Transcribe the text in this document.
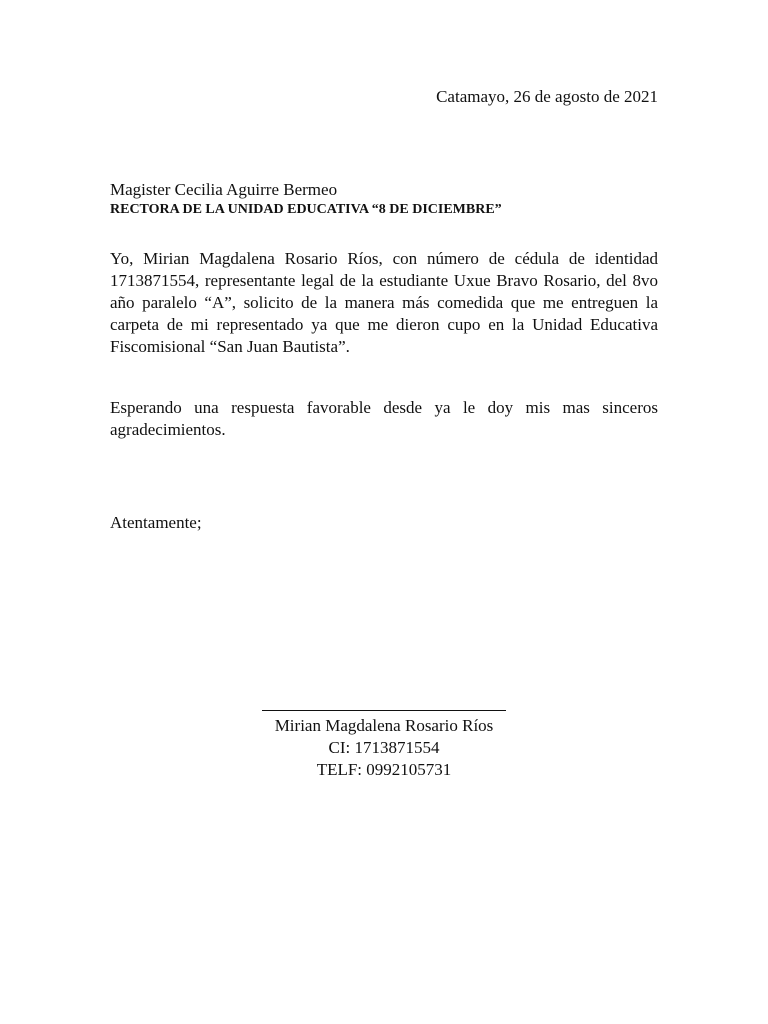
Catamayo, 26 de agosto de 2021
Magister Cecilia Aguirre Bermeo
RECTORA DE LA UNIDAD EDUCATIVA “8 DE DICIEMBRE”

Yo, Mirian Magdalena Rosario Ríos, con número de cédula de identidad 1713871554, representante legal de la estudiante Uxue Bravo Rosario, del 8vo año paralelo “A”, solicito de la manera más comedida que me entreguen la carpeta de mi representado ya que me dieron cupo en la Unidad Educativa Fiscomisional “San Juan Bautista”.

Esperando una respuesta favorable desde ya le doy mis mas sinceros agradecimientos.

Atentamente;
Mirian Magdalena Rosario Ríos
CI: 1713871554
TELF: 0992105731
